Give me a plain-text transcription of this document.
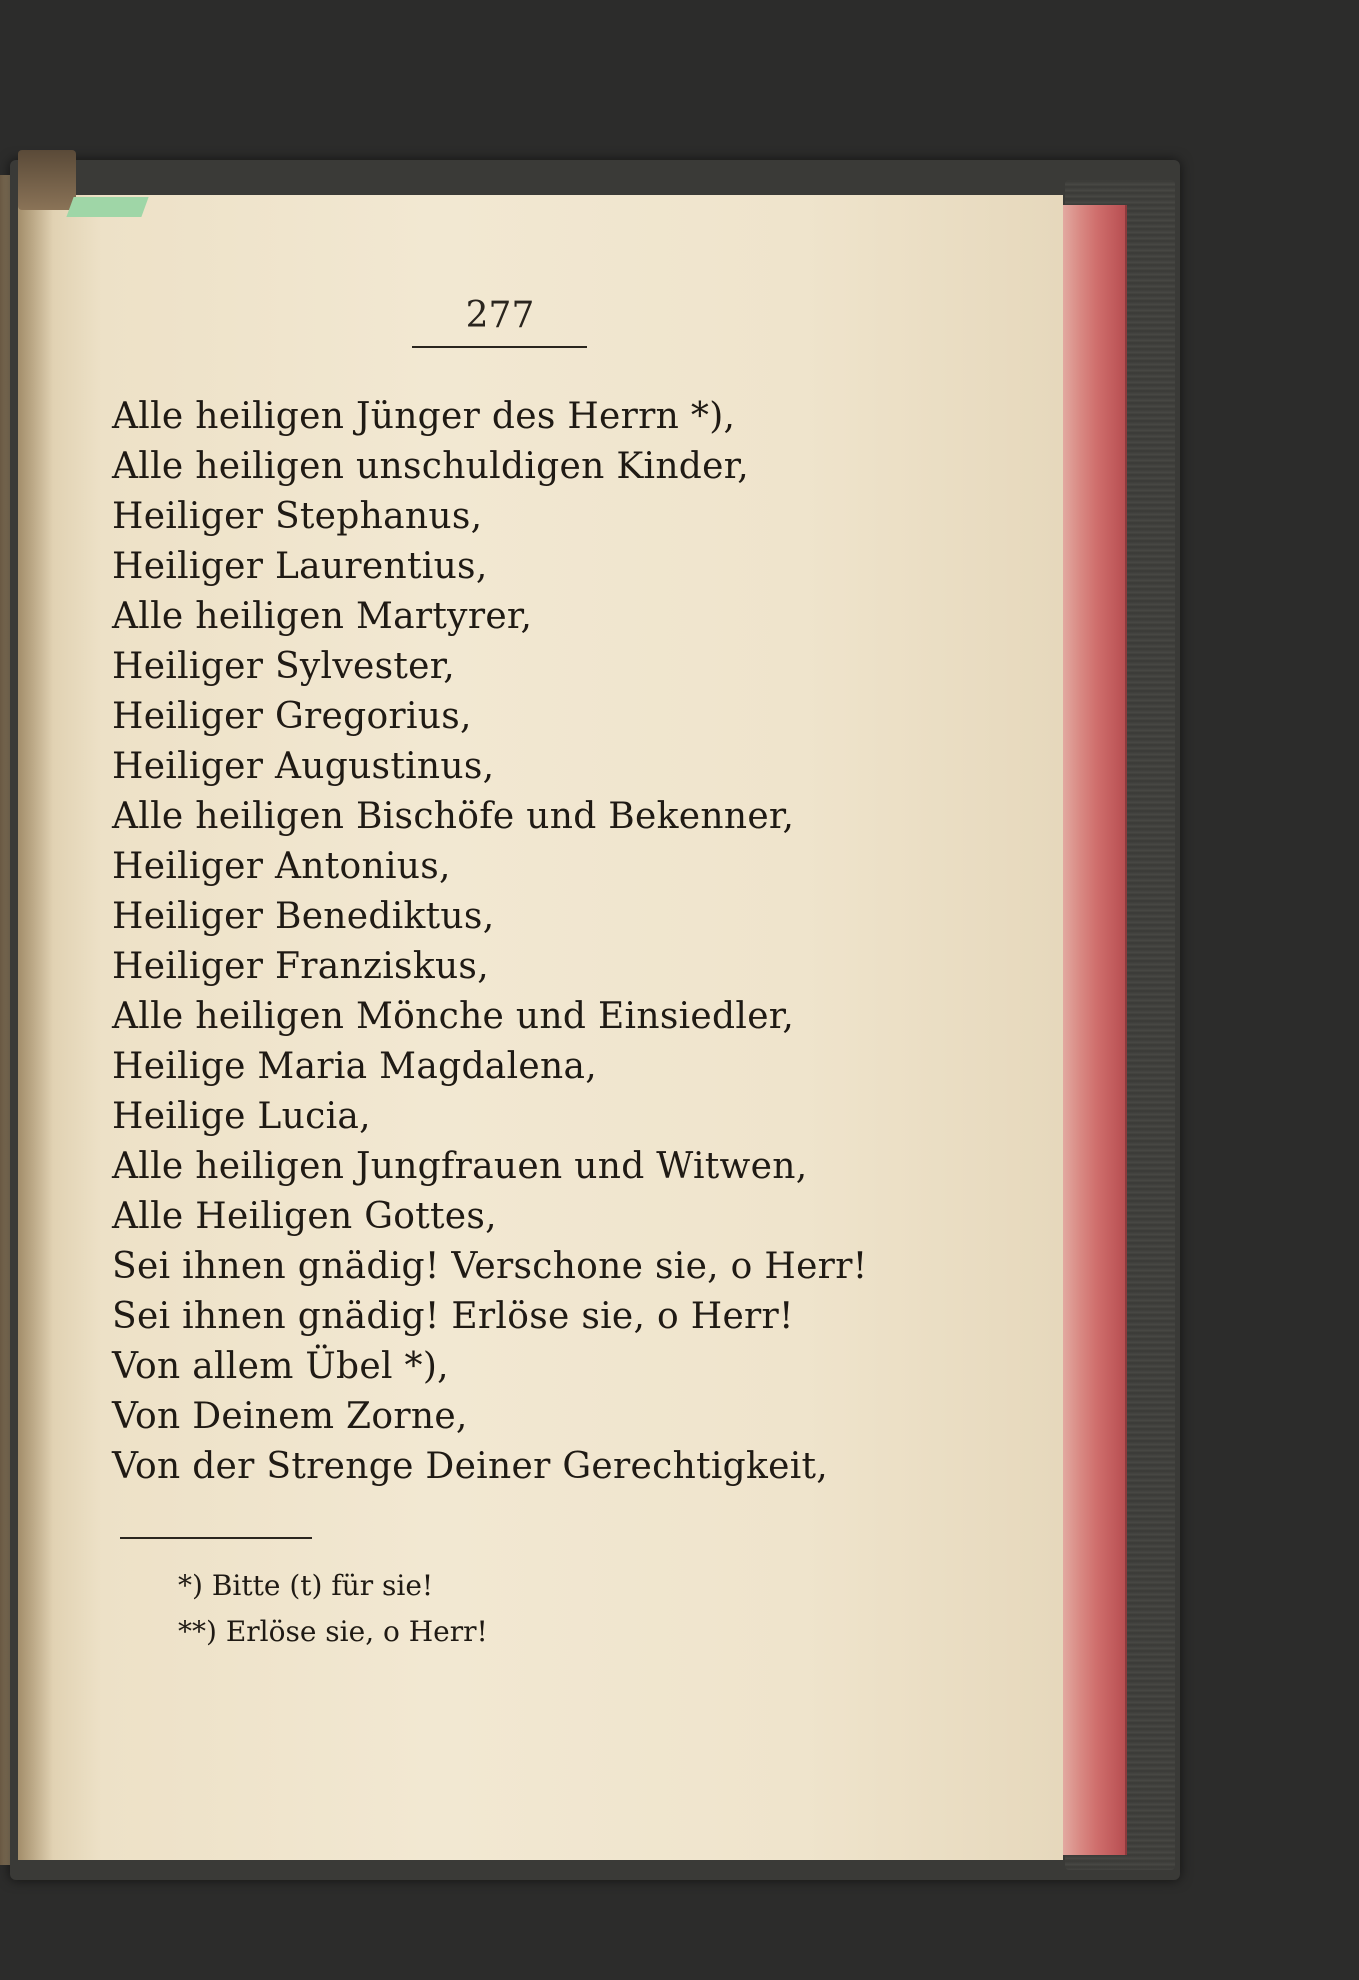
277
Alle heiligen Jünger des Herrn *),
Alle heiligen unschuldigen Kinder,
Heiliger Stephanus,
Heiliger Laurentius,
Alle heiligen Martyrer,
Heiliger Sylvester,
Heiliger Gregorius,
Heiliger Augustinus,
Alle heiligen Bischöfe und Bekenner,
Heiliger Antonius,
Heiliger Benediktus,
Heiliger Franziskus,
Alle heiligen Mönche und Einsiedler,
Heilige Maria Magdalena,
Heilige Lucia,
Alle heiligen Jungfrauen und Witwen,
Alle Heiligen Gottes,
Sei ihnen gnädig! Verschone sie, o Herr!
Sei ihnen gnädig! Erlöse sie, o Herr!
Von allem Übel *),
Von Deinem Zorne,
Von der Strenge Deiner Gerechtigkeit,
*) Bitte (t) für sie!
**) Erlöse sie, o Herr!
